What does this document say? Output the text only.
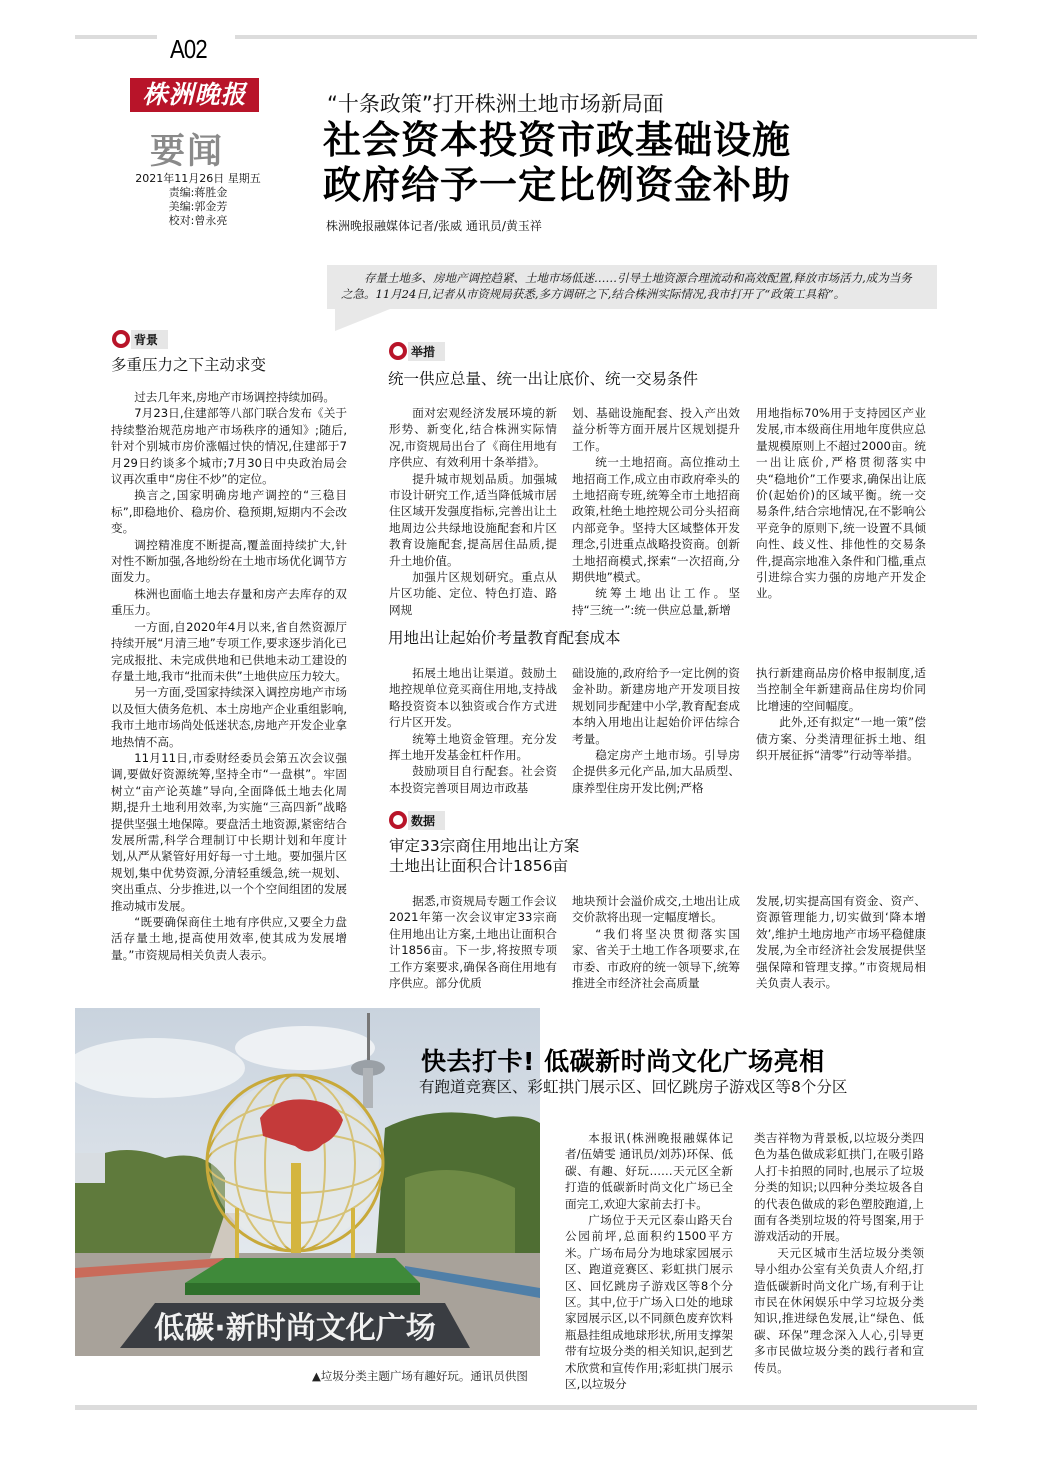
A02
株洲晚报
要闻
2021年11月26日 星期五
责编:蒋胜金
美编:郭金芳
校对:曾永亮
“十条政策”打开株洲土地市场新局面
社会资本投资市政基础设施
政府给予一定比例资金补助
株洲晚报融媒体记者/张威 通讯员/黄玉祥

存量土地多、房地产调控趋紧、土地市场低迷……引导土地资源合理流动和高效配置,释放市场活力,成为当务之急。11月24日,记者从市资规局获悉,多方调研之下,结合株洲实际情况,我市打开了“政策工具箱”。

背景
多重压力之下主动求变

过去几年来,房地产市场调控持续加码。

7月23日,住建部等八部门联合发布《关于持续整治规范房地产市场秩序的通知》;随后,针对个别城市房价涨幅过快的情况,住建部于7月29日约谈多个城市;7月30日中央政治局会议再次重申“房住不炒”的定位。

换言之,国家明确房地产调控的“三稳目标”,即稳地价、稳房价、稳预期,短期内不会改变。

调控精准度不断提高,覆盖面持续扩大,针对性不断加强,各地纷纷在土地市场优化调节方面发力。

株洲也面临土地去存量和房产去库存的双重压力。

一方面,自2020年4月以来,省自然资源厅持续开展“月清三地”专项工作,要求逐步消化已完成报批、未完成供地和已供地未动工建设的存量土地,我市“批而未供”土地供应压力较大。

另一方面,受国家持续深入调控房地产市场以及恒大债务危机、本土房地产企业重组影响,我市土地市场尚处低迷状态,房地产开发企业拿地热情不高。

11月11日,市委财经委员会第五次会议强调,要做好资源统筹,坚持全市“一盘棋”。牢固树立“亩产论英雄”导向,全面降低土地去化周期,提升土地利用效率,为实施“三高四新”战略提供坚强土地保障。要盘活土地资源,紧密结合发展所需,科学合理制订中长期计划和年度计划,从严从紧管好用好每一寸土地。要加强片区规划,集中优势资源,分清轻重缓急,统一规划、突出重点、分步推进,以一个个空间组团的发展推动城市发展。

“既要确保商住土地有序供应,又要全力盘活存量土地,提高使用效率,使其成为发展增量。”市资规局相关负责人表示。

举措
统一供应总量、统一出让底价、统一交易条件

面对宏观经济发展环境的新形势、新变化,结合株洲实际情况,市资规局出台了《商住用地有序供应、有效利用十条举措》。

提升城市规划品质。加强城市设计研究工作,适当降低城市居住区域开发强度指标,完善出让土地周边公共绿地设施配套和片区教育设施配套,提高居住品质,提升土地价值。

加强片区规划研究。重点从片区功能、定位、特色打造、路网规

划、基础设施配套、投入产出效益分析等方面开展片区规划提升工作。

统一土地招商。高位推动土地招商工作,成立由市政府牵头的土地招商专班,统筹全市土地招商政策,杜绝土地控规公司分头招商内部竞争。坚持大区域整体开发理念,引进重点战略投资商。创新土地招商模式,探索“一次招商,分期供地”模式。

统筹土地出让工作。坚持“三统一”:统一供应总量,新增

用地指标70%用于支持园区产业发展,市本级商住用地年度供应总量规模原则上不超过2000亩。统一出让底价,严格贯彻落实中央“稳地价”工作要求,确保出让底价(起始价)的区域平衡。统一交易条件,结合宗地情况,在不影响公平竞争的原则下,统一设置不具倾向性、歧义性、排他性的交易条件,提高宗地准入条件和门槛,重点引进综合实力强的房地产开发企业。

用地出让起始价考量教育配套成本

拓展土地出让渠道。鼓励土地控规单位竞买商住用地,支持战略投资资本以独资或合作方式进行片区开发。

统筹土地资金管理。充分发挥土地开发基金杠杆作用。

鼓励项目自行配套。社会资本投资完善项目周边市政基

础设施的,政府给予一定比例的资金补助。新建房地产开发项目按规划同步配建中小学,教育配套成本纳入用地出让起始价评估综合考量。

稳定房产土地市场。引导房企提供多元化产品,加大品质型、康养型住房开发比例;严格

执行新建商品房价格申报制度,适当控制全年新建商品住房均价同比增速的空间幅度。

此外,还有拟定“一地一策”偿债方案、分类清理征拆土地、组织开展征拆“清零”行动等举措。

数据
审定33宗商住用地出让方案
土地出让面积合计1856亩

据悉,市资规局专题工作会议2021年第一次会议审定33宗商住用地出让方案,土地出让面积合计1856亩。下一步,将按照专项工作方案要求,确保各商住用地有序供应。部分优质

地块预计会溢价成交,土地出让成交价款将出现一定幅度增长。

“我们将坚决贯彻落实国家、省关于土地工作各项要求,在市委、市政府的统一领导下,统筹推进全市经济社会高质量

发展,切实提高国有资金、资产、资源管理能力,切实做到‘降本增效’,维护土地房地产市场平稳健康发展,为全市经济社会发展提供坚强保障和管理支撑。”市资规局相关负责人表示。

低碳·新时尚文化广场
▲垃圾分类主题广场有趣好玩。通讯员供图
快去打卡! 低碳新时尚文化广场亮相
有跑道竞赛区、彩虹拱门展示区、回忆跳房子游戏区等8个分区

本报讯(株洲晚报融媒体记者/伍婧雯 通讯员/刘苏)环保、低碳、有趣、好玩……天元区全新打造的低碳新时尚文化广场已全面完工,欢迎大家前去打卡。

广场位于天元区泰山路天台公园前坪,总面积约1500平方米。广场布局分为地球家园展示区、跑道竞赛区、彩虹拱门展示区、回忆跳房子游戏区等8个分区。其中,位于广场入口处的地球家园展示区,以不同颜色废弃饮料瓶悬挂组成地球形状,所用支撑架带有垃圾分类的相关知识,起到艺术欣赏和宣传作用;彩虹拱门展示区,以垃圾分

类吉祥物为背景板,以垃圾分类四色为基色做成彩虹拱门,在吸引路人打卡拍照的同时,也展示了垃圾分类的知识;以四种分类垃圾各自的代表色做成的彩色塑胶跑道,上面有各类别垃圾的符号图案,用于游戏活动的开展。

天元区城市生活垃圾分类领导小组办公室有关负责人介绍,打造低碳新时尚文化广场,有利于让市民在休闲娱乐中学习垃圾分类知识,推进绿色发展,让“绿色、低碳、环保”理念深入人心,引导更多市民做垃圾分类的践行者和宣传员。
